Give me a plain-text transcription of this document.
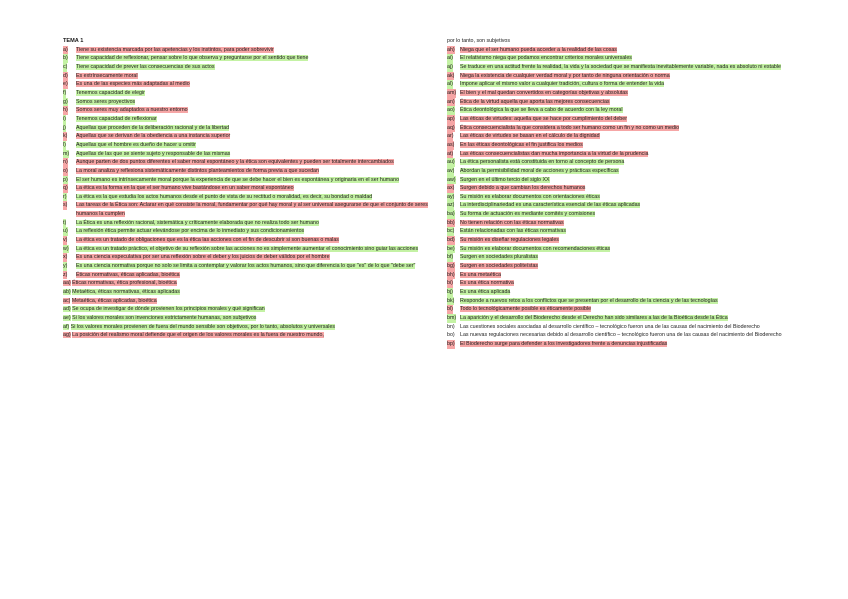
TEMA 1
a) Tiene su existencia marcada por las apetencias y los instintos, para poder sobrevivir
b) Tiene capacidad de reflexionar, pensar sobre lo que observa y preguntarse por el sentido que tiene
c) Tiene capacidad de prever las consecuencias de sus actos
d) Es extrínsecamente moral
e) Es una de las especies más adaptadas al medio
f) Tenemos capacidad de elegir
g) Somos seres proyectivos
h) Somos seres muy adaptados a nuestro entorno
i) Tenemos capacidad de reflexionar
j) Aquellas que proceden de la deliberación racional y de la libertad
k) Aquellas que se derivan de la obediencia a una instancia superior
l) Aquellas que el hombre es dueño de hacer u omitir
m) Aquellas de las que se siente sujeto y responsable de las mismas
n) Aunque parten de dos puntos diferentes el saber moral espontáneo y la ética son equivalentes y pueden ser totalmente intercambiados
o) La moral analiza y reflexiona sistemáticamente distintos planteamientos de forma previa a que sucedan
p) El ser humano es intrínsecamente moral porque la experiencia de que se debe hacer el bien es espontánea y originaria en el ser humano
q) La ética es la forma en la que el ser humano vive bastándose en un saber moral espontáneo
r) La ética es la que estudia los actos humanos desde el punto de vista de su rectitud o moralidad, es decir, su bondad o maldad
s) Las tareas de la Ética son: Aclarar en qué consiste la moral, fundamentar por qué hay moral y al ser universal asegurarse de que el conjunto de seres humanos la cumplen
t) La Ética es una reflexión racional, sistemática y críticamente elaborada que no realiza todo ser humano
u) La reflexión ética permite actuar elevándose por encima de lo inmediato y sus condicionamientos
v) La ética es un tratado de obligaciones que es la ética las acciones con el fin de descubrir si son buenas o malas
w) La ética es un tratado práctico, el objetivo de su reflexión sobre las acciones no es simplemente aumentar el conocimiento sino guiar las acciones
x) Es una ciencia especulativa por ser una reflexión sobre el deber y los juicios de deber válidos por el hombre
y) Es una ciencia normativa porque no solo se limita a contemplar y valorar los actos humanos, sino que diferencia lo que "es" de lo que "debe ser"
z) Éticas normativas, éticas aplicadas, bioética
aa) Éticas normativas, ética profesional, bioética
ab) Metaética, éticas normativas, éticas aplicadas
ac) Metaética, éticas aplicadas, bioética
ad) Se ocupa de investigar de dónde provienen los principios morales y qué significan
ae) Si los valores morales son invenciones estrictamente humanas, son subjetivos
af) Si los valores morales provienen de fuera del mundo sensible son objetivos, por lo tanto, absolutos y universales
ag) La posición del realismo moral defiende que el origen de los valores morales es la fuera de nuestro mundo,
por lo tanto, son subjetivos
ah) Niega que el ser humano pueda acceder a la realidad de las cosas
ai) El relativismo niega que podamos encontrar criterios morales universales
aj) Se traduce en una actitud frente la realidad, la vida y la sociedad que se manifiesta inevitablemente variable, nada es absoluto ni estable
ak) Niega la existencia de cualquier verdad moral y por tanto de ninguna orientación o norma
al) Impone aplicar el mismo valor a cualquier tradición, cultura o forma de entender la vida
am) El bien y el mal quedan convertidos en categorías objetivas y absolutas
an) Ética de la virtud aquella que aporta las mejores consecuencias
ao) Ética deontológica la que se lleva a cabo de acuerdo con la ley moral
ap) Las éticas de virtudes: aquella que se hace por cumplimiento del deber
aq) Ética consecuencialista la que considera a todo ser humano como un fin y no como un medio
ar) Las éticas de virtudes se basan en el cálculo de la dignidad
as) En las éticas deontológicas el fin justifica los medios
at) Las éticas consecuencialistas dan mucha importancia a la virtud de la prudencia
au) La ética personalista está constituida en torno al concepto de persona
av) Abordan la permisibilidad moral de acciones y prácticas específicas
aw) Surgen en el último tercio del siglo XX
ax) Surgen debido a que cambian los derechos humanos
ay) Su misión es elaborar documentos con orientaciones éticas
az) La interdisciplinariedad es una característica esencial de las éticas aplicadas
ba) Su forma de actuación es mediante comités y comisiones
bb) No tienen relación con las éticas normativas
bc) Están relacionadas con las éticas normativas
bd) Su misión es diseñar regulaciones legales
be) Su misión es elaborar documentos con recomendaciones éticas
bf) Surgen en sociedades pluralistas
bg) Surgen en sociedades politeístas
bh) Es una metaética
bi) Es una ética normativa
bj) Es una ética aplicada
bk) Responde a nuevos retos a los conflictos que se presentan por el desarrollo de la ciencia y de las tecnologías
bl) Todo lo tecnológicamente posible es éticamente posible
bm) La aparición y el desarrollo del Bioderecho desde el Derecho han sido similares a las de la Bioética desde la Ética
bn) Las cuestiones sociales asociadas al desarrollo científico – tecnológico fueron una de las causas del nacimiento del Bioderecho
bo) Las nuevas regulaciones necesarias debido al desarrollo científico – tecnológico fueron una de las causas del nacimiento del Bioderecho
bp) El Bioderecho surge para defender a los investigadores frente a denuncias injustificadas
